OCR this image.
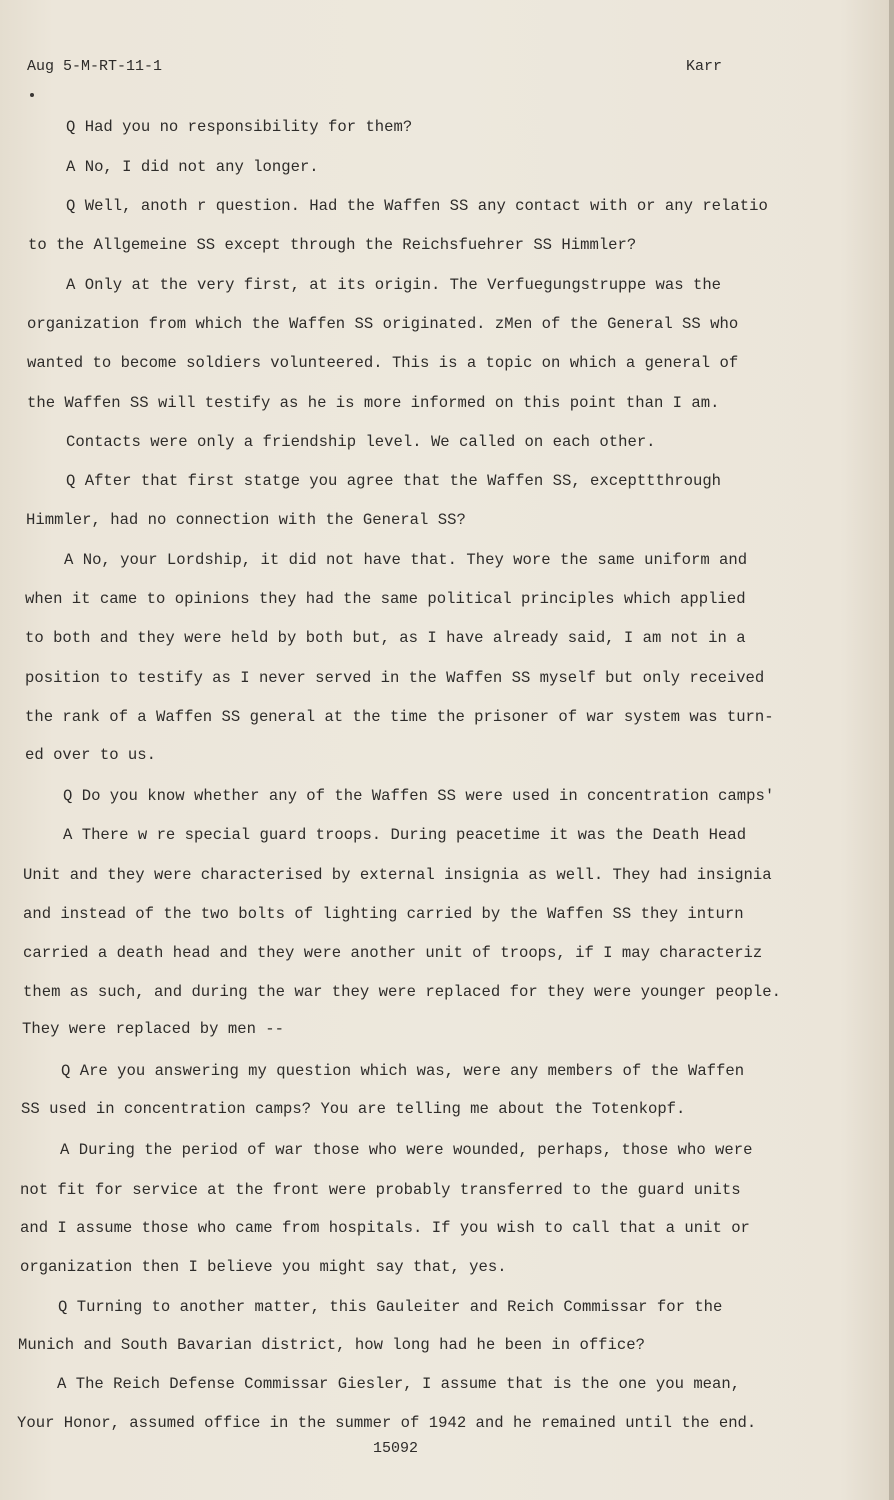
Aug 5-M-RT-11-1	Karr
Q Had you no responsibility for them?
A No, I did not any longer.
Q Well, anoth r question. Had the Waffen SS any contact with or any relatio
to the Allgemeine SS except through the Reichsfuehrer SS Himmler?
A Only at the very first, at its origin. The Verfuegungstruppe was the
organization from which the Waffen SS originated. zMen of the General SS who
wanted to become soldiers volunteered. This is a topic on which a general of
the Waffen SS will testify as he is more informed on this point than I am.
Contacts were only a friendship level. We called on each other.
Q After that first statge you agree that the Waffen SS, excepttthrough
Himmler, had no connection with the General SS?
A No, your Lordship, it did not have that. They wore the same uniform and
when it came to opinions they had the same political principles which applied
to both and they were held by both but, as I have already said, I am not in a
position to testify as I never served in the Waffen SS myself but only received
the rank of a Waffen SS general at the time the prisoner of war system was turn-
ed over to us.
Q Do you know whether any of the Waffen SS were used in concentration camps'
A There w re special guard troops. During peacetime it was the Death Head
Unit and they were characterised by external insignia as well. They had insignia
and instead of the two bolts of lighting carried by the Waffen SS they inturn
carried a death head and they were another unit of troops, if I may characteriz
them as such, and during the war they were replaced for they were younger people.
They were replaced by men --
Q Are you answering my question which was, were any members of the Waffen
SS used in concentration camps? You are telling me about the Totenkopf.
A During the period of war those who were wounded, perhaps, those who were
not fit for service at the front were probably transferred to the guard units
and I assume those who came from hospitals. If you wish to call that a unit or
organization then I believe you might say that, yes.
Q Turning to another matter, this Gauleiter and Reich Commissar for the
Munich and South Bavarian district, how long had he been in office?
A The Reich Defense Commissar Giesler, I assume that is the one you mean,
Your Honor, assumed office in the summer of 1942 and he remained until the end.
15092
